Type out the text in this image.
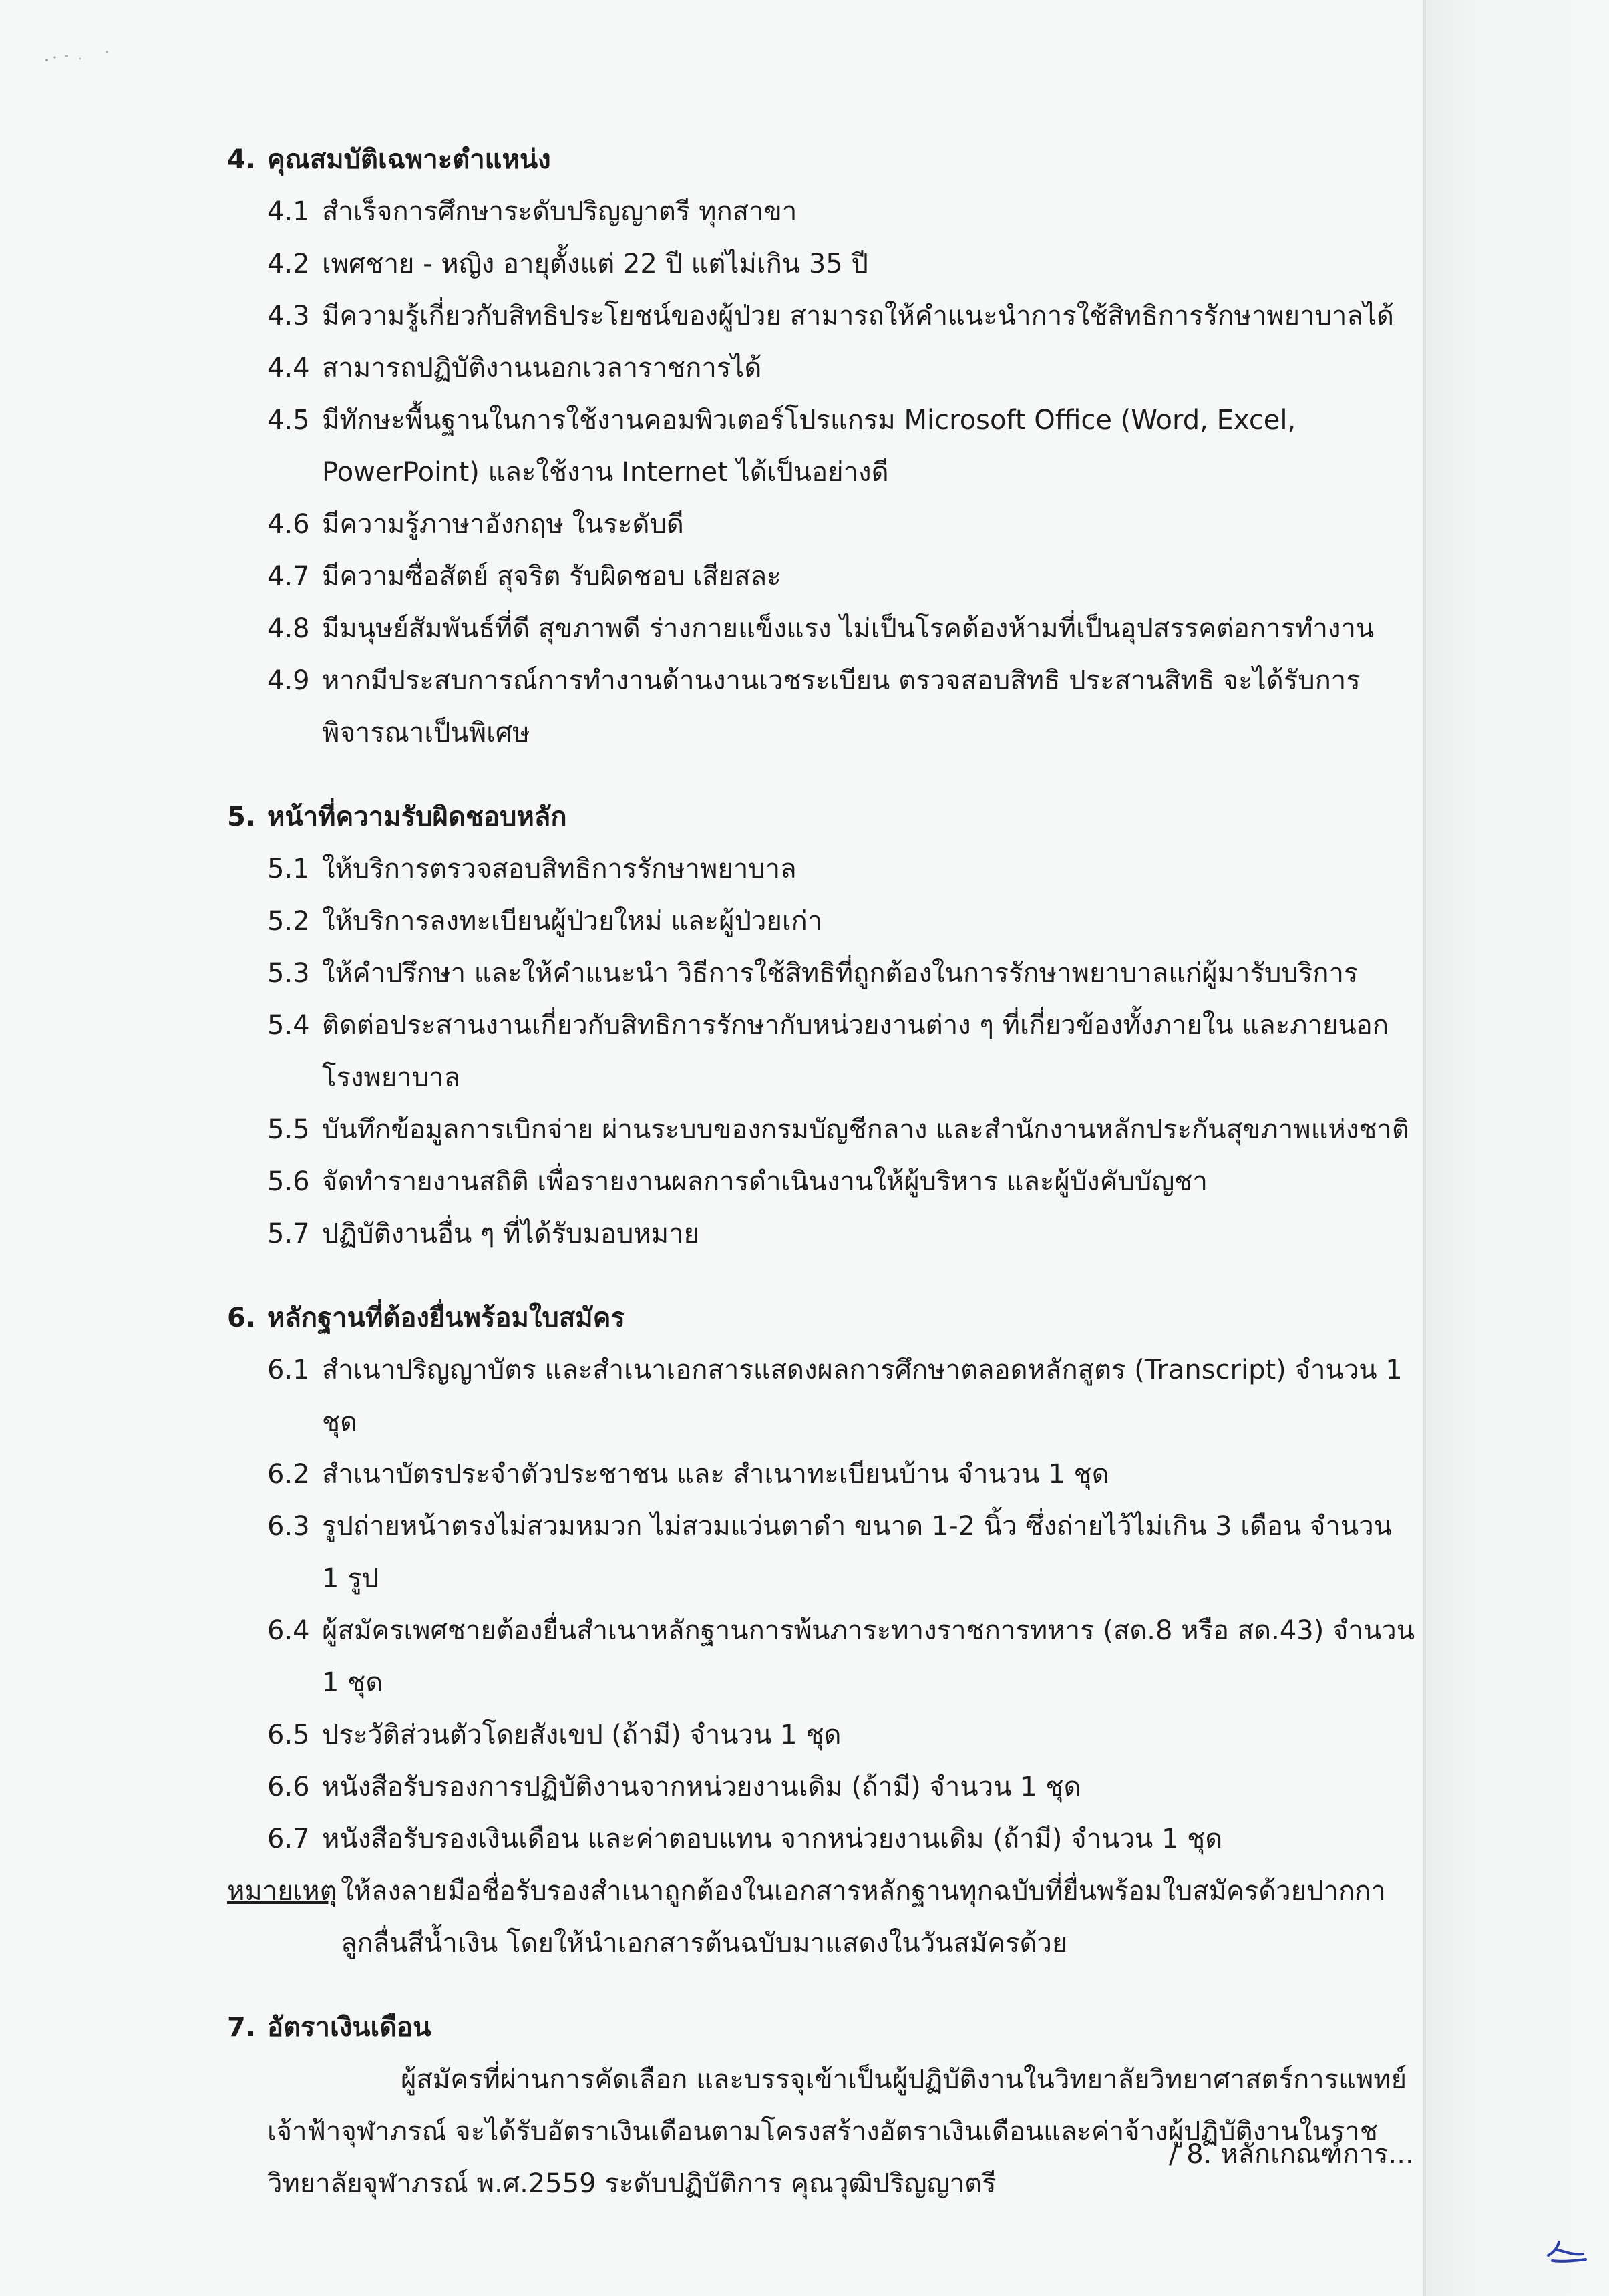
4. คุณสมบัติเฉพาะตำแหน่ง
4.1 สำเร็จการศึกษาระดับปริญญาตรี ทุกสาขา
4.2 เพศชาย - หญิง อายุตั้งแต่ 22 ปี แต่ไม่เกิน 35 ปี
4.3 มีความรู้เกี่ยวกับสิทธิประโยชน์ของผู้ป่วย สามารถให้คำแนะนำการใช้สิทธิการรักษาพยาบาลได้
4.4 สามารถปฏิบัติงานนอกเวลาราชการได้
4.5 มีทักษะพื้นฐานในการใช้งานคอมพิวเตอร์โปรแกรม Microsoft Office (Word, Excel, PowerPoint) และใช้งาน Internet ได้เป็นอย่างดี
4.6 มีความรู้ภาษาอังกฤษ ในระดับดี
4.7 มีความซื่อสัตย์ สุจริต รับผิดชอบ เสียสละ
4.8 มีมนุษย์สัมพันธ์ที่ดี สุขภาพดี ร่างกายแข็งแรง ไม่เป็นโรคต้องห้ามที่เป็นอุปสรรคต่อการทำงาน
4.9 หากมีประสบการณ์การทำงานด้านงานเวชระเบียน ตรวจสอบสิทธิ ประสานสิทธิ จะได้รับการพิจารณาเป็นพิเศษ
5. หน้าที่ความรับผิดชอบหลัก
5.1 ให้บริการตรวจสอบสิทธิการรักษาพยาบาล
5.2 ให้บริการลงทะเบียนผู้ป่วยใหม่ และผู้ป่วยเก่า
5.3 ให้คำปรึกษา และให้คำแนะนำ วิธีการใช้สิทธิที่ถูกต้องในการรักษาพยาบาลแก่ผู้มารับบริการ
5.4 ติดต่อประสานงานเกี่ยวกับสิทธิการรักษากับหน่วยงานต่าง ๆ ที่เกี่ยวข้องทั้งภายใน และภายนอกโรงพยาบาล
5.5 บันทึกข้อมูลการเบิกจ่าย ผ่านระบบของกรมบัญชีกลาง และสำนักงานหลักประกันสุขภาพแห่งชาติ
5.6 จัดทำรายงานสถิติ เพื่อรายงานผลการดำเนินงานให้ผู้บริหาร และผู้บังคับบัญชา
5.7 ปฏิบัติงานอื่น ๆ ที่ได้รับมอบหมาย
6. หลักฐานที่ต้องยื่นพร้อมใบสมัคร
6.1 สำเนาปริญญาบัตร และสำเนาเอกสารแสดงผลการศึกษาตลอดหลักสูตร (Transcript) จำนวน 1 ชุด
6.2 สำเนาบัตรประจำตัวประชาชน และ สำเนาทะเบียนบ้าน จำนวน 1 ชุด
6.3 รูปถ่ายหน้าตรงไม่สวมหมวก ไม่สวมแว่นตาดำ ขนาด 1-2 นิ้ว ซึ่งถ่ายไว้ไม่เกิน 3 เดือน จำนวน 1 รูป
6.4 ผู้สมัครเพศชายต้องยื่นสำเนาหลักฐานการพ้นภาระทางราชการทหาร (สด.8 หรือ สด.43) จำนวน 1 ชุด
6.5 ประวัติส่วนตัวโดยสังเขป (ถ้ามี) จำนวน 1 ชุด
6.6 หนังสือรับรองการปฏิบัติงานจากหน่วยงานเดิม (ถ้ามี) จำนวน 1 ชุด
6.7 หนังสือรับรองเงินเดือน และค่าตอบแทน จากหน่วยงานเดิม (ถ้ามี) จำนวน 1 ชุด
หมายเหตุ ให้ลงลายมือชื่อรับรองสำเนาถูกต้องในเอกสารหลักฐานทุกฉบับที่ยื่นพร้อมใบสมัครด้วยปากกาลูกลื่นสีน้ำเงิน โดยให้นำเอกสารต้นฉบับมาแสดงในวันสมัครด้วย
7. อัตราเงินเดือน
ผู้สมัครที่ผ่านการคัดเลือก และบรรจุเข้าเป็นผู้ปฏิบัติงานในวิทยาลัยวิทยาศาสตร์การแพทย์เจ้าฟ้าจุฬาภรณ์ จะได้รับอัตราเงินเดือนตามโครงสร้างอัตราเงินเดือนและค่าจ้างผู้ปฏิบัติงานในราชวิทยาลัยจุฬาภรณ์ พ.ศ.2559 ระดับปฏิบัติการ คุณวุฒิปริญญาตรี
/ 8. หลักเกณฑ์การ...
